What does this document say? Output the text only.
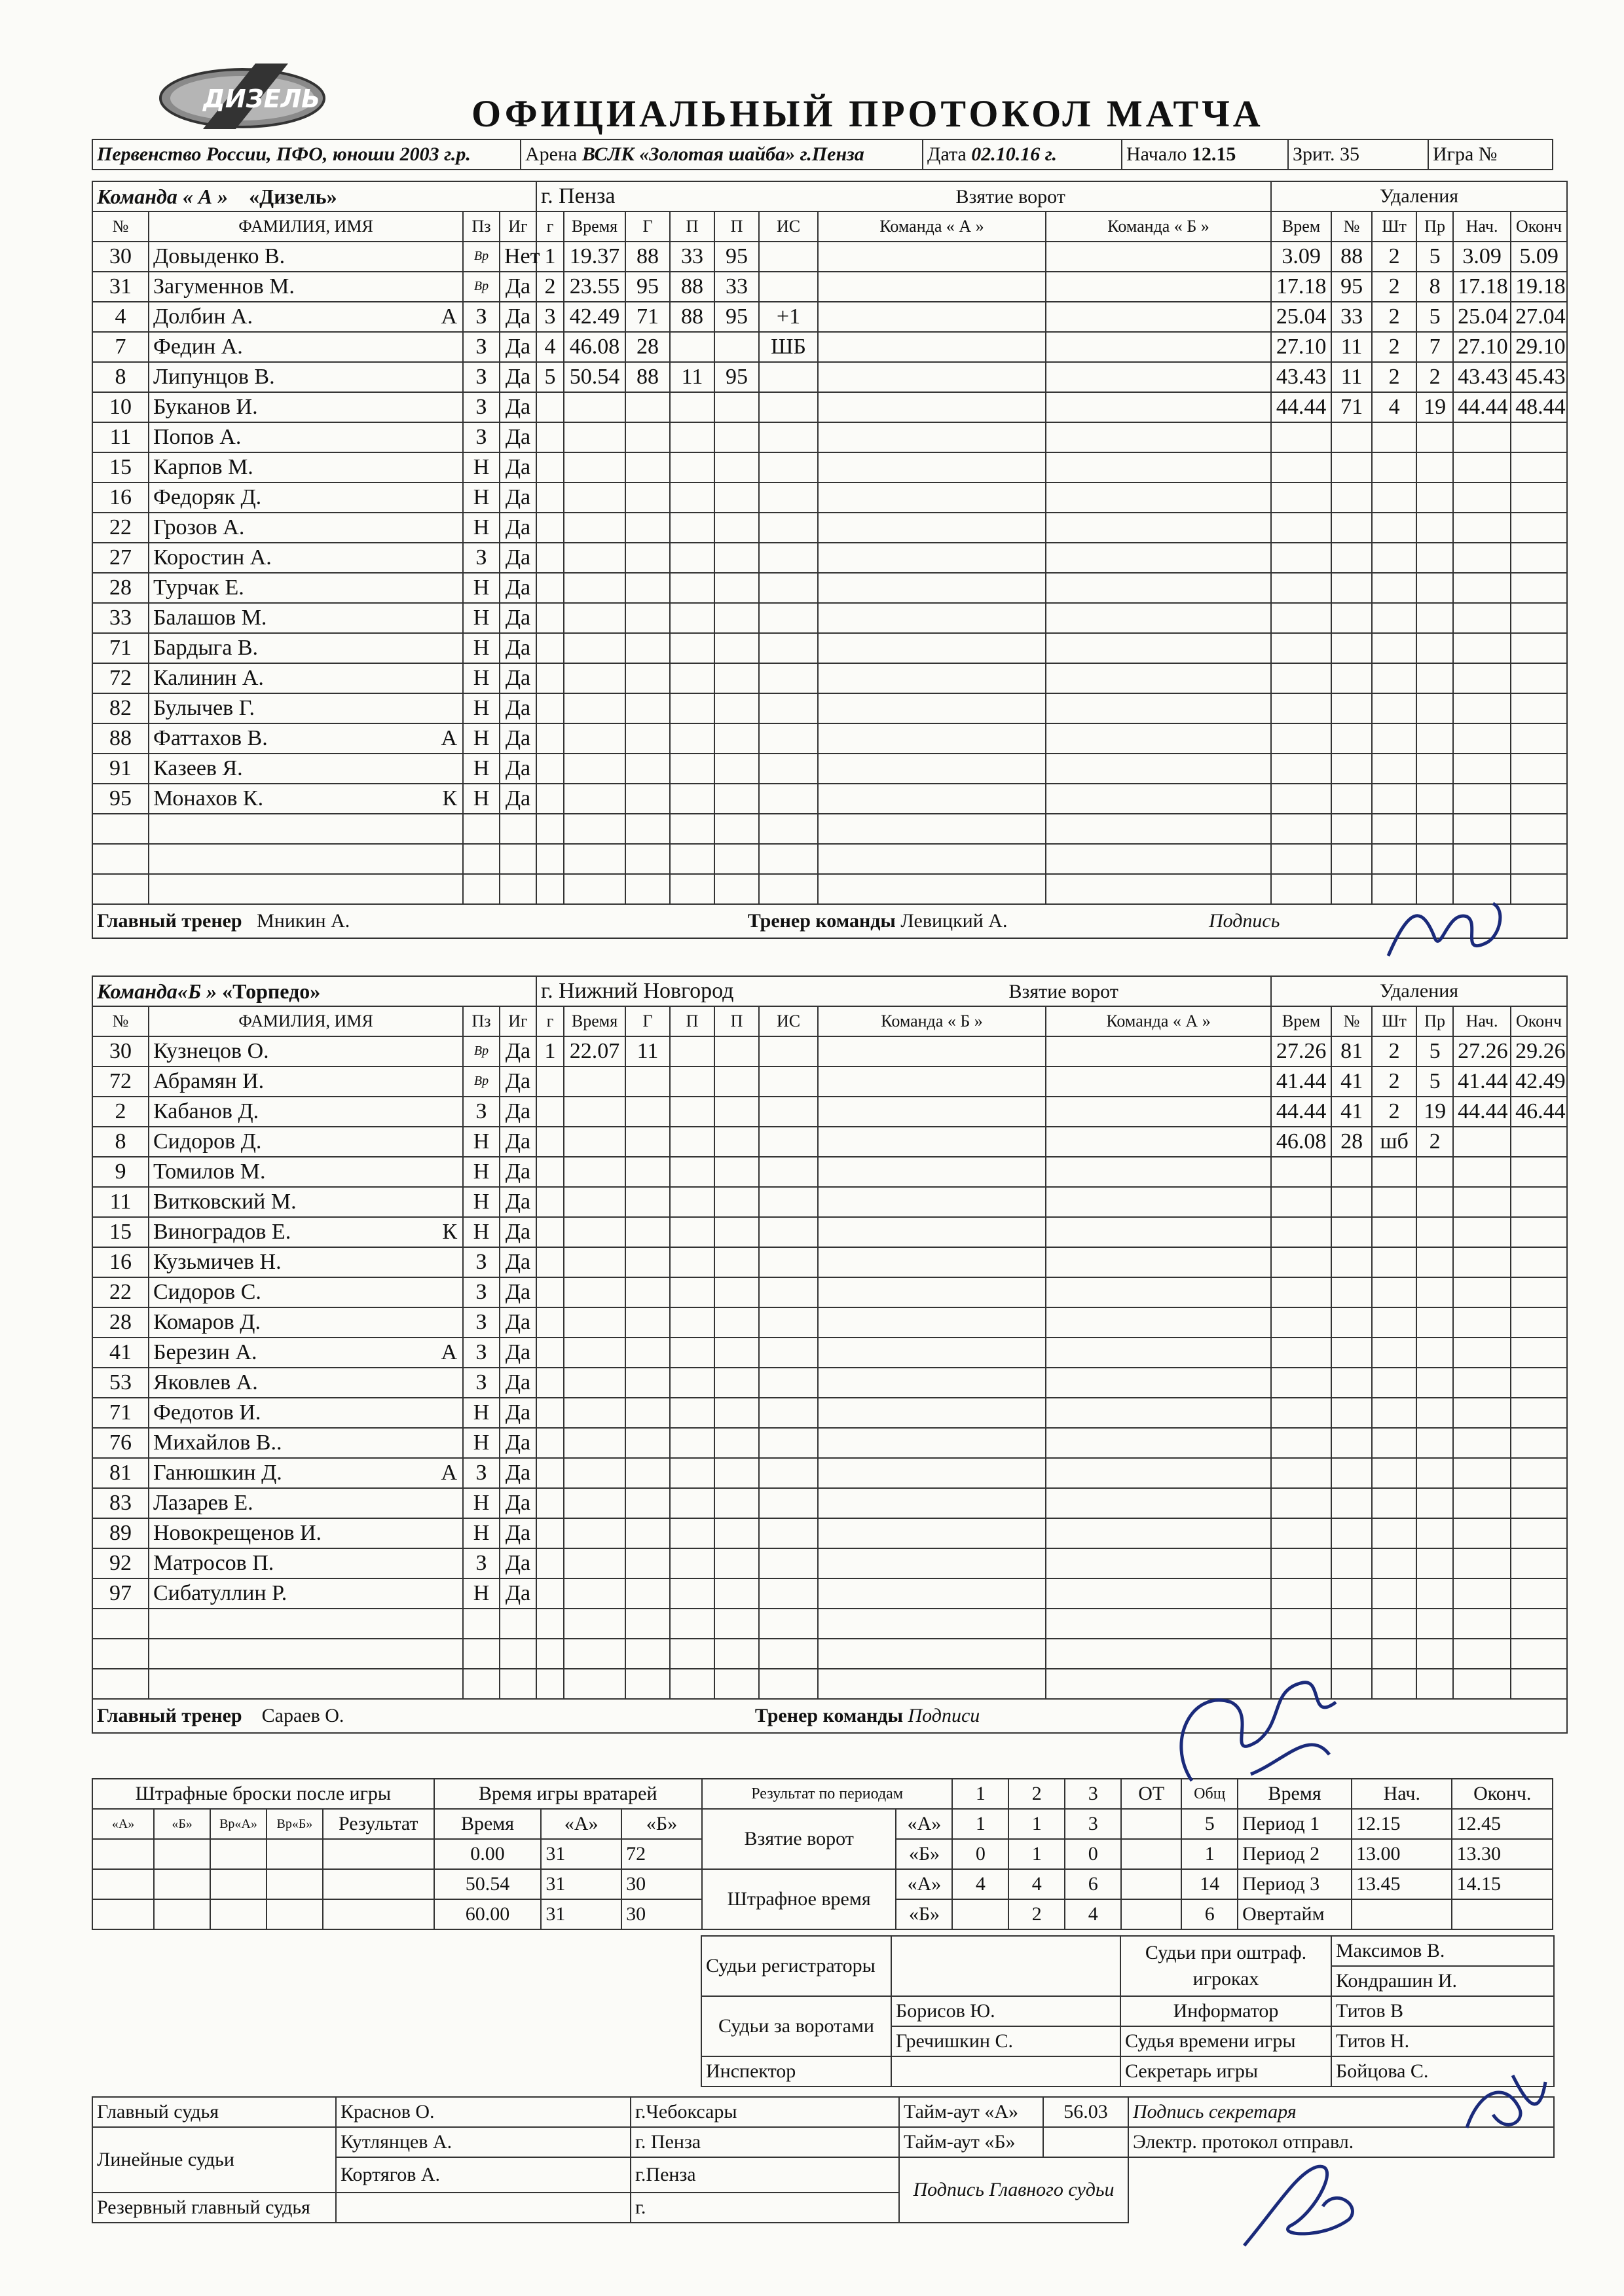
ДИЗЕЛЬ	ОФИЦИАЛЬНЫЙ ПРОТОКОЛ МАТЧА
Первенство России, ПФО, юноши 2003 г.р.	Арена ВСЛК «Золотая шайба» г.Пенза	Дата 02.10.16 г.	Начало 12.15	Зрит. 35	Игра №
Команда « А » «Дизель»				г. Пенза Взятие ворот								Удаления					
№	ФАМИЛИЯ, ИМЯ	Пз	Иг	г	Время	Г	П	П	ИС	Команда « А »	Команда « Б »	Врем	№	Шт	Пр	Нач.	Оконч
30	Довыденко В.	Вр	Нет	1	19.37	88	33	95				3.09	88	2	5	3.09	5.09
31	Загуменнов М.	Вр	Да	2	23.55	95	88	33				17.18	95	2	8	17.18	19.18
4	Долбин А. А	З	Да	3	42.49	71	88	95	+1			25.04	33	2	5	25.04	27.04
7	Федин А.	З	Да	4	46.08	28			ШБ			27.10	11	2	7	27.10	29.10
8	Липунцов В.	З	Да	5	50.54	88	11	95				43.43	11	2	2	43.43	45.43
10	Буканов И.	З	Да									44.44	71	4	19	44.44	48.44
11	Попов А.	З	Да														
15	Карпов М.	Н	Да														
16	Федоряк Д.	Н	Да														
22	Грозов А.	Н	Да														
27	Коростин А.	З	Да														
28	Турчак Е.	Н	Да														
33	Балашов М.	Н	Да														
71	Бардыга В.	Н	Да														
72	Калинин А.	Н	Да														
82	Булычев Г.	Н	Да														
88	Фаттахов В. А	Н	Да														
91	Казеев Я.	Н	Да														
95	Монахов К. К	Н	Да														

Главный тренер Мникин А. Тренер команды Левицкий А. Подпись																	
Команда«Б » «Торпедо»				г. Нижний Новгород Взятие ворот								Удаления					
№	ФАМИЛИЯ, ИМЯ	Пз	Иг	г	Время	Г	П	П	ИС	Команда « Б »	Команда « А »	Врем	№	Шт	Пр	Нач.	Оконч
30	Кузнецов О.	Вр	Да	1	22.07	11						27.26	81	2	5	27.26	29.26
72	Абрамян И.	Вр	Да									41.44	41	2	5	41.44	42.49
2	Кабанов Д.	З	Да									44.44	41	2	19	44.44	46.44
8	Сидоров Д.	Н	Да									46.08	28	шб	2		
9	Томилов М.	Н	Да														
11	Витковский М.	Н	Да														
15	Виноградов Е. К	Н	Да														
16	Кузьмичев Н.	З	Да														
22	Сидоров С.	З	Да														
28	Комаров Д.	З	Да														
41	Березин А. А	З	Да														
53	Яковлев А.	З	Да														
71	Федотов И.	Н	Да														
76	Михайлов В..	Н	Да														
81	Ганюшкин Д. А	З	Да														
83	Лазарев Е.	Н	Да														
89	Новокрещенов И.	Н	Да														
92	Матросов П.	З	Да														
97	Сибатуллин Р.	Н	Да														

Главный тренер Сараев О. Тренер команды Подписи																	
Штрафные броски после игры					Время игры вратарей			Результат по периодам		1	2	3	ОТ	Общ	Время	Нач.	Оконч.
«А»	«Б»	Вр«А»	Вр«Б»	Результат	Время	«А»	«Б»	Взятие ворот	«А»	1	1	3		5	Период 1	12.15	12.45
					0.00	31	72		«Б»	0	1	0		1	Период 2	13.00	13.30
					50.54	31	30	Штрафное время	«А»	4	4	6		14	Период 3	13.45	14.15
					60.00	31	30		«Б»		2	4		6	Овертайм		
Судьи регистраторы		Судьи при оштраф. игроках	Максимов В.
			Кондрашин И.
Судьи за воротами	Борисов Ю.	Информатор	Титов В
	Гречишкин С.	Судья времени игры	Титов Н.
Инспектор		Секретарь игры	Бойцова С.
Главный судья	Краснов О.	г.Чебоксары	Тайм-аут «А»	56.03	Подпись секретаря
Линейные судьи	Кутлянцев А.	г. Пенза	Тайм-аут «Б»		Электр. протокол отправл.
	Кортягов А.	г.Пенза	Подпись Главного судьи		
Резервный главный судья		г.			
